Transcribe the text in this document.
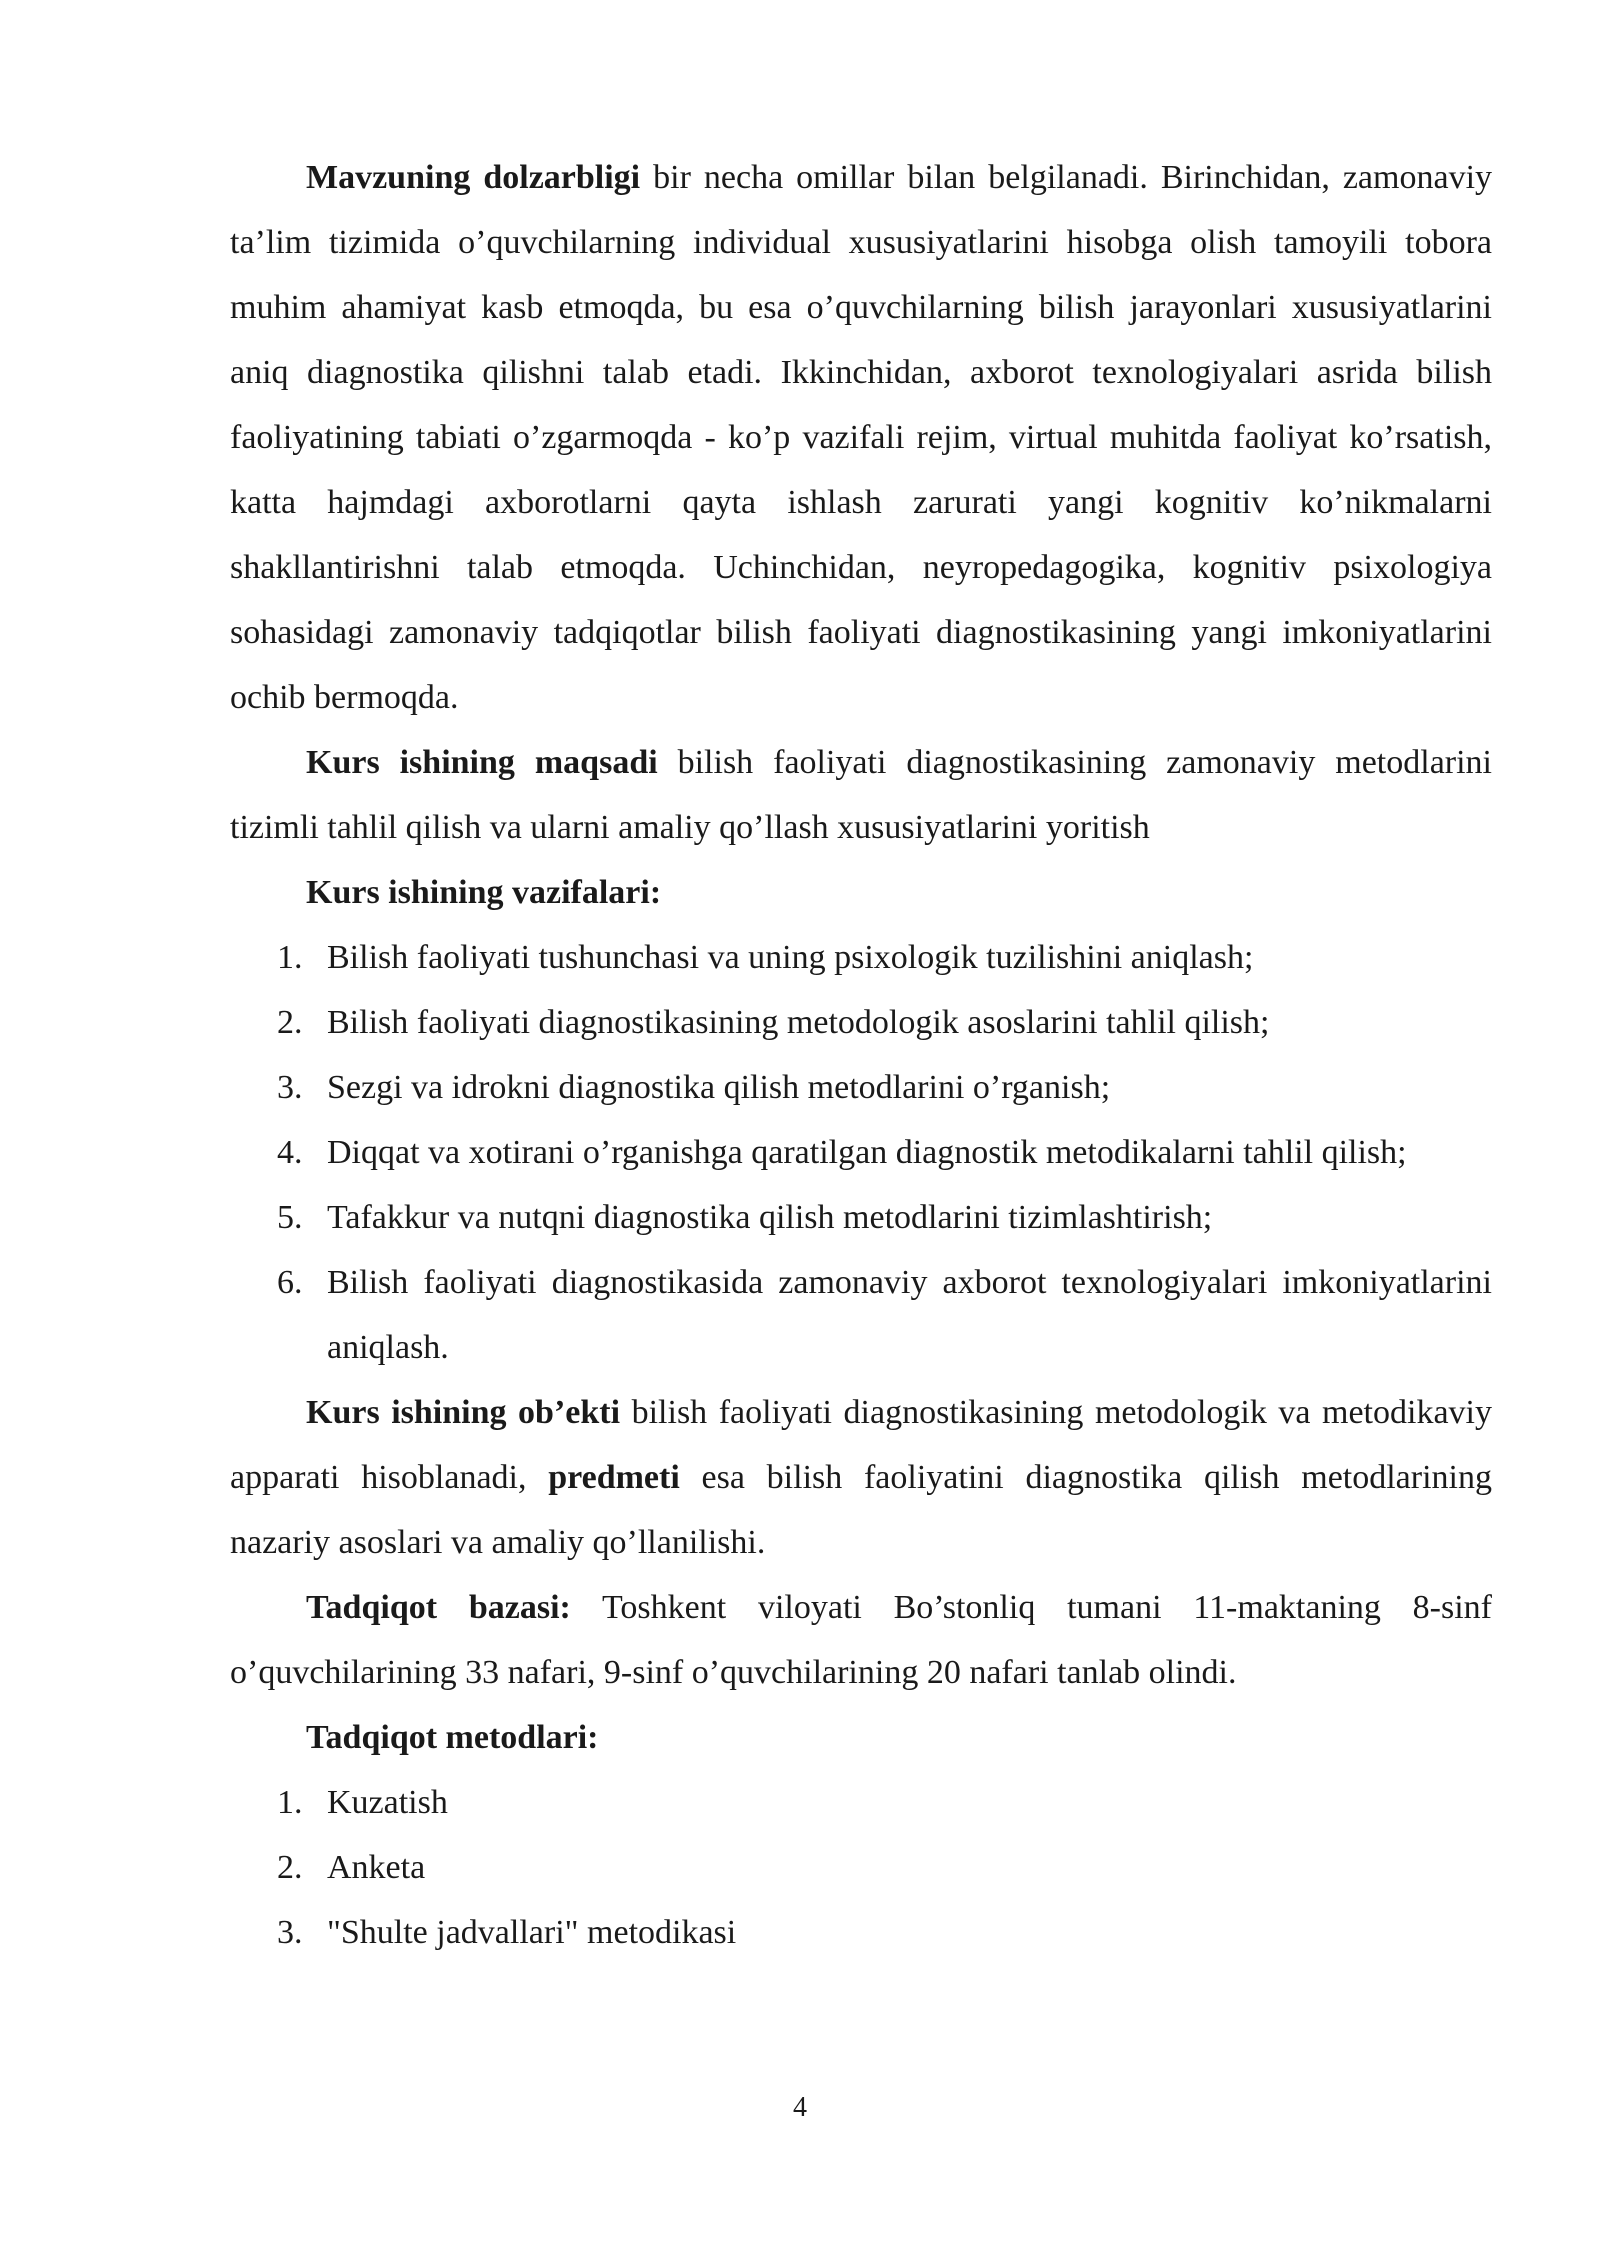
Mavzuning dolzarbligi bir necha omillar bilan belgilanadi. Birinchidan, zamonaviy ta’lim tizimida o’quvchilarning individual xususiyatlarini hisobga olish tamoyili tobora muhim ahamiyat kasb etmoqda, bu esa o’quvchilarning bilish jarayonlari xususiyatlarini aniq diagnostika qilishni talab etadi. Ikkinchidan, axborot texnologiyalari asrida bilish faoliyatining tabiati o’zgarmoqda - ko’p vazifali rejim, virtual muhitda faoliyat ko’rsatish, katta hajmdagi axborotlarni qayta ishlash zarurati yangi kognitiv ko’nikmalarni shakllantirishni talab etmoqda. Uchinchidan, neyropedagogika, kognitiv psixologiya sohasidagi zamonaviy tadqiqotlar bilish faoliyati diagnostikasining yangi imkoniyatlarini ochib bermoqda.

Kurs ishining maqsadi bilish faoliyati diagnostikasining zamonaviy metodlarini tizimli tahlil qilish va ularni amaliy qo’llash xususiyatlarini yoritish

Kurs ishining vazifalari:

1. Bilish faoliyati tushunchasi va uning psixologik tuzilishini aniqlash;
2. Bilish faoliyati diagnostikasining metodologik asoslarini tahlil qilish;
3. Sezgi va idrokni diagnostika qilish metodlarini o’rganish;
4. Diqqat va xotirani o’rganishga qaratilgan diagnostik metodikalarni tahlil qilish;
5. Tafakkur va nutqni diagnostika qilish metodlarini tizimlashtirish;
6. Bilish faoliyati diagnostikasida zamonaviy axborot texnologiyalari imkoniyatlarini aniqlash.

Kurs ishining ob’ekti bilish faoliyati diagnostikasining metodologik va metodikaviy apparati hisoblanadi, predmeti esa bilish faoliyatini diagnostika qilish metodlarining nazariy asoslari va amaliy qo’llanilishi.

Tadqiqot bazasi: Toshkent viloyati Bo’stonliq tumani 11-maktaning 8-sinf o’quvchilarining 33 nafari, 9-sinf o’quvchilarining 20 nafari tanlab olindi.

Tadqiqot metodlari:

1. Kuzatish
2. Anketa
3. "Shulte jadvallari" metodikasi
4
